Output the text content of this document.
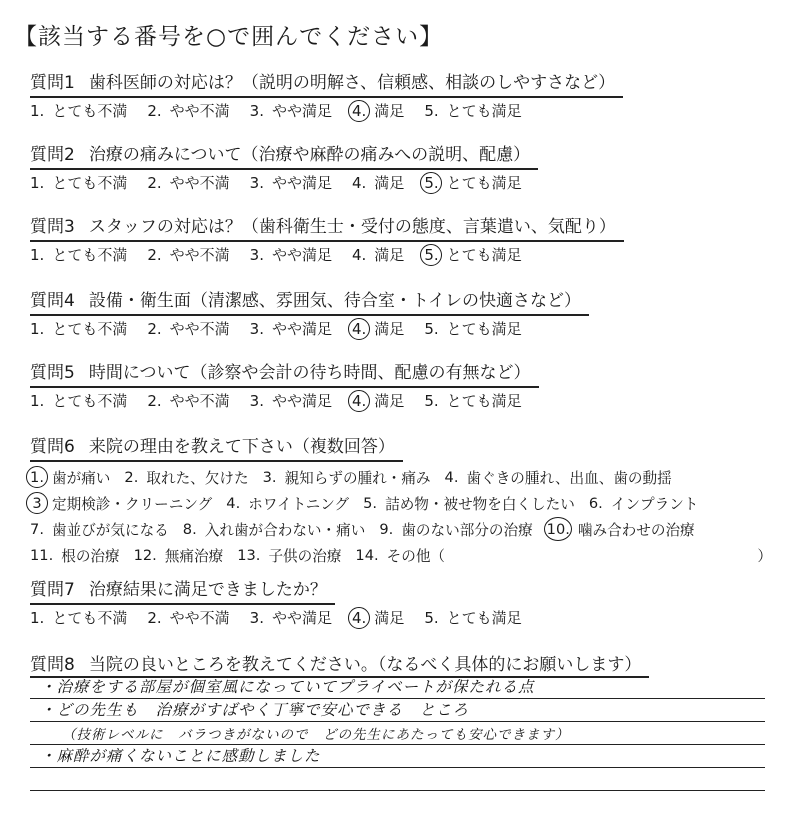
【該当する番号を○で囲んでください】
質問1 歯科医師の対応は？（説明の明解さ、信頼感、相談のしやすさなど）
1. とても不満 2. やや不満 3. やや満足 4. 満足 5. とても満足
質問2 治療の痛みについて（治療や麻酔の痛みへの説明、配慮）
1. とても不満 2. やや不満 3. やや満足 4. 満足 5. とても満足
質問3 スタッフの対応は？（歯科衛生士・受付の態度、言葉遣い、気配り）
1. とても不満 2. やや不満 3. やや満足 4. 満足 5. とても満足
質問4 設備・衛生面（清潔感、雰囲気、待合室・トイレの快適さなど）
1. とても不満 2. やや不満 3. やや満足 4. 満足 5. とても満足
質問5 時間について（診察や会計の待ち時間、配慮の有無など）
1. とても不満 2. やや不満 3. やや満足 4. 満足 5. とても満足
質問6 来院の理由を教えて下さい（複数回答）
1. 歯が痛い 2. 取れた、欠けた 3. 親知らずの腫れ・痛み 4. 歯ぐきの腫れ、出血、歯の動揺
3 定期検診・クリーニング 4. ホワイトニング 5. 詰め物・被せ物を白くしたい 6. インプラント
7. 歯並びが気になる 8. 入れ歯が合わない・痛い 9. 歯のない部分の治療 10. 噛み合わせの治療
11. 根の治療 12. 無痛治療 13. 子供の治療 14. その他（	）
質問7 治療結果に満足できましたか？
1. とても不満 2. やや不満 3. やや満足 4. 満足 5. とても満足
質問8 当院の良いところを教えてください。（なるべく具体的にお願いします）
・治療をする部屋が個室風になっていてプライベートが保たれる点
・どの先生も　治療がすばやく丁寧で安心できる　ところ
（技術レベルに　バラつきがないので　どの先生にあたっても安心できます）
・麻酔が痛くないことに感動しました
